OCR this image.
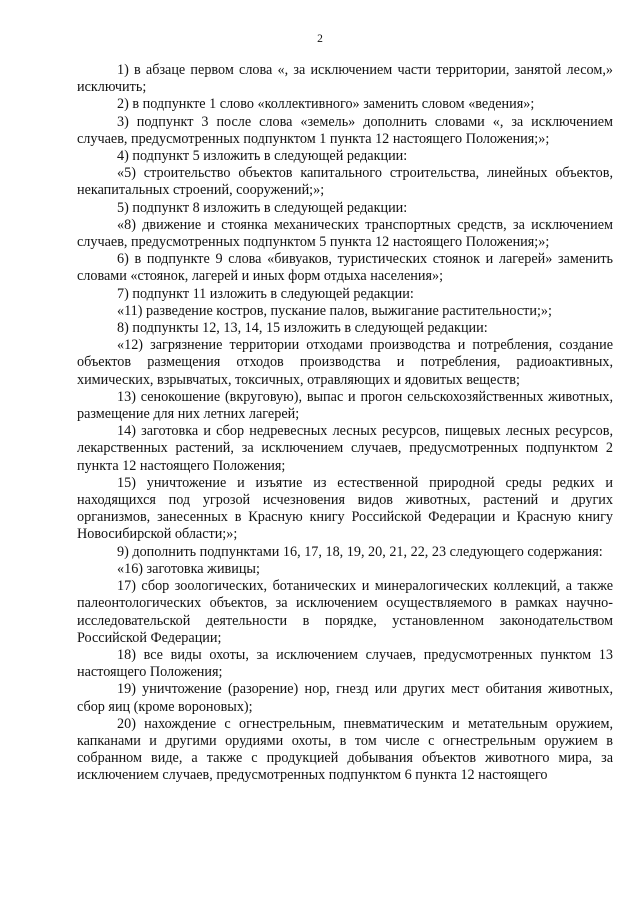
2

1) в абзаце первом слова «, за исключением части территории, занятой лесом,» исключить;

2) в подпункте 1 слово «коллективного» заменить словом «ведения»;

3) подпункт 3 после слова «земель» дополнить словами «, за исключением случаев, предусмотренных подпунктом 1 пункта 12 настоящего Положения;»;

4) подпункт 5 изложить в следующей редакции:

«5) строительство объектов капитального строительства, линейных объектов, некапитальных строений, сооружений;»;

5) подпункт 8 изложить в следующей редакции:

«8) движение и стоянка механических транспортных средств, за исключением случаев, предусмотренных подпунктом 5 пункта 12 настоящего Положения;»;

6) в подпункте 9 слова «бивуаков, туристических стоянок и лагерей» заменить словами «стоянок, лагерей и иных форм отдыха населения»;

7) подпункт 11 изложить в следующей редакции:

«11) разведение костров, пускание палов, выжигание растительности;»;

8) подпункты 12, 13, 14, 15 изложить в следующей редакции:

«12) загрязнение территории отходами производства и потребления, создание объектов размещения отходов производства и потребления, радиоактивных, химических, взрывчатых, токсичных, отравляющих и ядовитых веществ;

13) сенокошение (вкруговую), выпас и прогон сельскохозяйственных животных, размещение для них летних лагерей;

14) заготовка и сбор недревесных лесных ресурсов, пищевых лесных ресурсов, лекарственных растений, за исключением случаев, предусмотренных подпунктом 2 пункта 12 настоящего Положения;

15) уничтожение и изъятие из естественной природной среды редких и находящихся под угрозой исчезновения видов животных, растений и других организмов, занесенных в Красную книгу Российской Федерации и Красную книгу Новосибирской области;»;

9) дополнить подпунктами 16, 17, 18, 19, 20, 21, 22, 23 следующего содержания:

«16) заготовка живицы;

17) сбор зоологических, ботанических и минералогических коллекций, а также палеонтологических объектов, за исключением осуществляемого в рамках научно-исследовательской деятельности в порядке, установленном законодательством Российской Федерации;

18) все виды охоты, за исключением случаев, предусмотренных пунктом 13 настоящего Положения;

19) уничтожение (разорение) нор, гнезд или других мест обитания животных, сбор яиц (кроме вороновых);

20) нахождение с огнестрельным, пневматическим и метательным оружием, капканами и другими орудиями охоты, в том числе с огнестрельным оружием в собранном виде, а также с продукцией добывания объектов животного мира, за исключением случаев, предусмотренных подпунктом 6 пункта 12 настоящего
